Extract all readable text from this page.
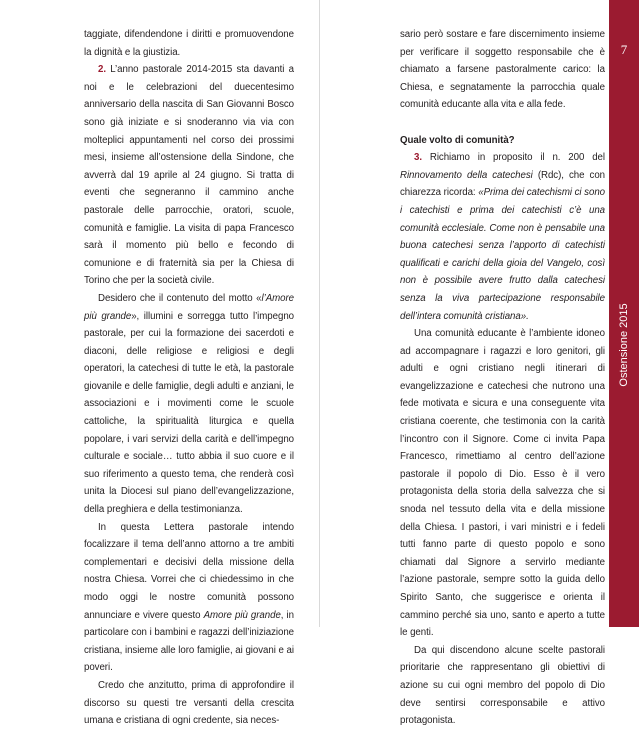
taggiate, difendendone i diritti e promuovendone la dignità e la giustizia.

2. L’anno pastorale 2014-2015 sta davanti a noi e le celebrazioni del duecentesimo anniversario della nascita di San Giovanni Bosco sono già iniziate e si snoderanno via via con molteplici appuntamenti nel corso dei prossimi mesi, insieme all’ostensione della Sindone, che avverrà dal 19 aprile al 24 giugno. Si tratta di eventi che segneranno il cammino anche pastorale delle parrocchie, oratori, scuole, comunità e famiglie. La visita di papa Francesco sarà il momento più bello e fecondo di comunione e di fraternità sia per la Chiesa di Torino che per la società civile.

Desidero che il contenuto del motto «l’Amore più grande», illumini e sorregga tutto l’impegno pastorale, per cui la formazione dei sacerdoti e diaconi, delle religiose e religiosi e degli operatori, la catechesi di tutte le età, la pastorale giovanile e delle famiglie, degli adulti e anziani, le associazioni e i movimenti come le scuole cattoliche, la spiritualità liturgica e quella popolare, i vari servizi della carità e dell’impegno culturale e sociale… tutto abbia il suo cuore e il suo riferimento a questo tema, che renderà così unita la Diocesi sul piano dell’evangelizzazione, della preghiera e della testimonianza.

In questa Lettera pastorale intendo focalizzare il tema dell’anno attorno a tre ambiti complementari e decisivi della missione della nostra Chiesa. Vorrei che ci chiedessimo in che modo oggi le nostre comunità possono annunciare e vivere questo Amore più grande, in particolare con i bambini e ragazzi dell’iniziazione cristiana, insieme alle loro famiglie, ai giovani e ai poveri.

Credo che anzitutto, prima di approfondire il discorso su questi tre versanti della crescita umana e cristiana di ogni credente, sia neces-

sario però sostare e fare discernimento insieme per verificare il soggetto responsabile che è chiamato a farsene pastoralmente carico: la Chiesa, e segnatamente la parrocchia quale comunità educante alla vita e alla fede.

Quale volto di comunità?

3. Richiamo in proposito il n. 200 del Rinnovamento della catechesi (Rdc), che con chiarezza ricorda: «Prima dei catechismi ci sono i catechisti e prima dei catechisti c’è una comunità ecclesiale. Come non è pensabile una buona catechesi senza l’apporto di catechisti qualificati e carichi della gioia del Vangelo, così non è possibile avere frutto dalla catechesi senza la viva partecipazione responsabile dell’intera comunità cristiana».

Una comunità educante è l’ambiente idoneo ad accompagnare i ragazzi e loro genitori, gli adulti e ogni cristiano negli itinerari di evangelizzazione e catechesi che nutrono una fede motivata e sicura e una conseguente vita cristiana coerente, che testimonia con la carità l’incontro con il Signore. Come ci invita Papa Francesco, rimettiamo al centro dell’azione pastorale il popolo di Dio. Esso è il vero protagonista della storia della salvezza che si snoda nel tessuto della vita e della missione della Chiesa. I pastori, i vari ministri e i fedeli tutti fanno parte di questo popolo e sono chiamati dal Signore a servirlo mediante l’azione pastorale, sempre sotto la guida dello Spirito Santo, che suggerisce e orienta il cammino perché sia uno, santo e aperto a tutte le genti.

Da qui discendono alcune scelte pastorali prioritarie che rappresentano gli obiettivi di azione su cui ogni membro del popolo di Dio deve sentirsi corresponsabile e attivo protagonista.

7
Ostensione 2015
